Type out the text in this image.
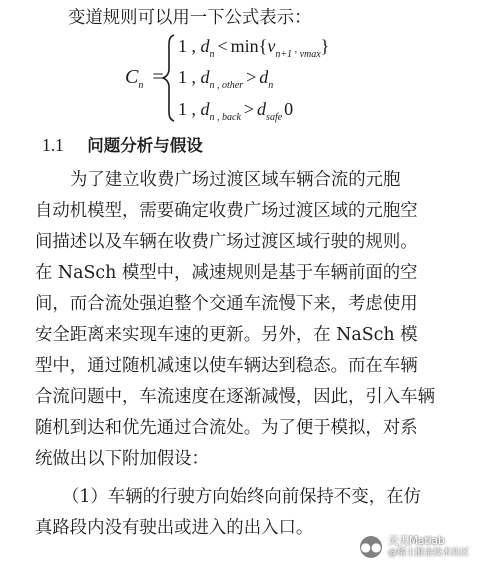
变道规则可以用一下公式表示：
$C_n$ =
1 , $d_n < \min\{v_{n+1}$ , $_{vmax}$}
1 , $d_{n , other} > d_n$
1 , $d_{n , back} > d_{safe}$ 0
1.1 问题分析与假设
为了建立收费广场过渡区域车辆合流的元胞
自动机模型，需要确定收费广场过渡区域的元胞空
间描述以及车辆在收费广场过渡区域行驶的规则。
在 NaSch 模型中，减速规则是基于车辆前面的空
间，而合流处强迫整个交通车流慢下来，考虑使用
安全距离来实现车速的更新。另外，在 NaSch 模
型中，通过随机减速以使车辆达到稳态。而在车辆
合流问题中，车流速度在逐渐减慢，因此，引入车辆
随机到达和优先通过合流处。为了便于模拟，对系
统做出以下附加假设：
（1）车辆的行驶方向始终向前保持不变，在仿
真路段内没有驶出或进入的出入口。
●● 天天Matlab
@稀土掘金技术社区
